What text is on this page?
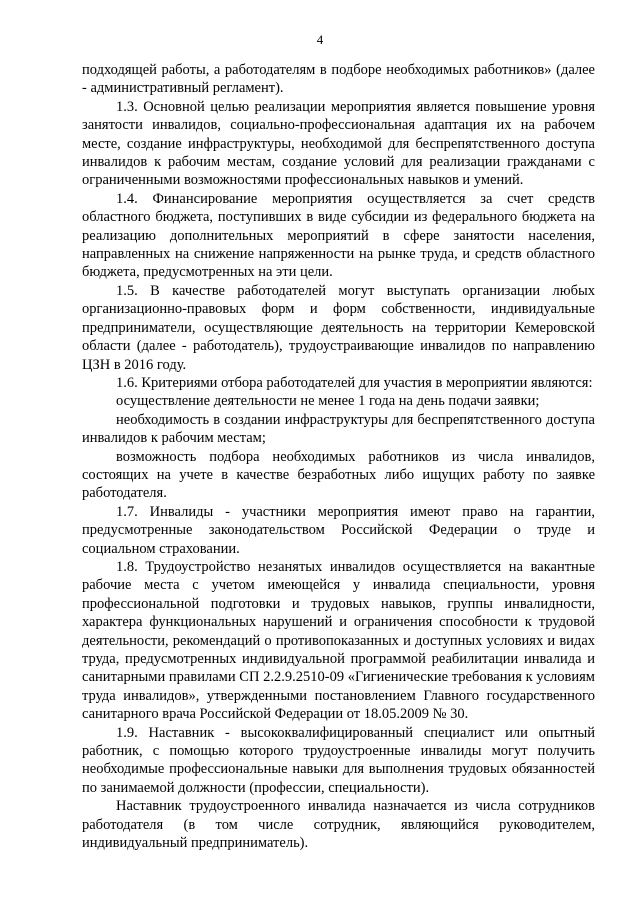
4

подходящей работы, а работодателям в подборе необходимых работников» (далее - административный регламент).

1.3. Основной целью реализации мероприятия является повышение уровня занятости инвалидов, социально-профессиональная адаптация их на рабочем месте, создание инфраструктуры, необходимой для беспрепятственного доступа инвалидов к рабочим местам, создание условий для реализации гражданами с ограниченными возможностями профессиональных навыков и умений.

1.4. Финансирование мероприятия осуществляется за счет средств областного бюджета, поступивших в виде субсидии из федерального бюджета на реализацию дополнительных мероприятий в сфере занятости населения, направленных на снижение напряженности на рынке труда, и средств областного бюджета, предусмотренных на эти цели.

1.5. В качестве работодателей могут выступать организации любых организационно-правовых форм и форм собственности, индивидуальные предприниматели, осуществляющие деятельность на территории Кемеровской области (далее - работодатель), трудоустраивающие инвалидов по направлению ЦЗН в 2016 году.

1.6. Критериями отбора работодателей для участия в мероприятии являются:

осуществление деятельности не менее 1 года на день подачи заявки;

необходимость в создании инфраструктуры для беспрепятственного доступа инвалидов к рабочим местам;

возможность подбора необходимых работников из числа инвалидов, состоящих на учете в качестве безработных либо ищущих работу по заявке работодателя.

1.7. Инвалиды - участники мероприятия имеют право на гарантии, предусмотренные законодательством Российской Федерации о труде и социальном страховании.

1.8. Трудоустройство незанятых инвалидов осуществляется на вакантные рабочие места с учетом имеющейся у инвалида специальности, уровня профессиональной подготовки и трудовых навыков, группы инвалидности, характера функциональных нарушений и ограничения способности к трудовой деятельности, рекомендаций о противопоказанных и доступных условиях и видах труда, предусмотренных индивидуальной программой реабилитации инвалида и санитарными правилами СП 2.2.9.2510-09 «Гигиенические требования к условиям труда инвалидов», утвержденными постановлением Главного государственного санитарного врача Российской Федерации от 18.05.2009 № 30.

1.9. Наставник - высококвалифицированный специалист или опытный работник, с помощью которого трудоустроенные инвалиды могут получить необходимые профессиональные навыки для выполнения трудовых обязанностей по занимаемой должности (профессии, специальности).

Наставник трудоустроенного инвалида назначается из числа сотрудников работодателя (в том числе сотрудник, являющийся руководителем, индивидуальный предприниматель).
